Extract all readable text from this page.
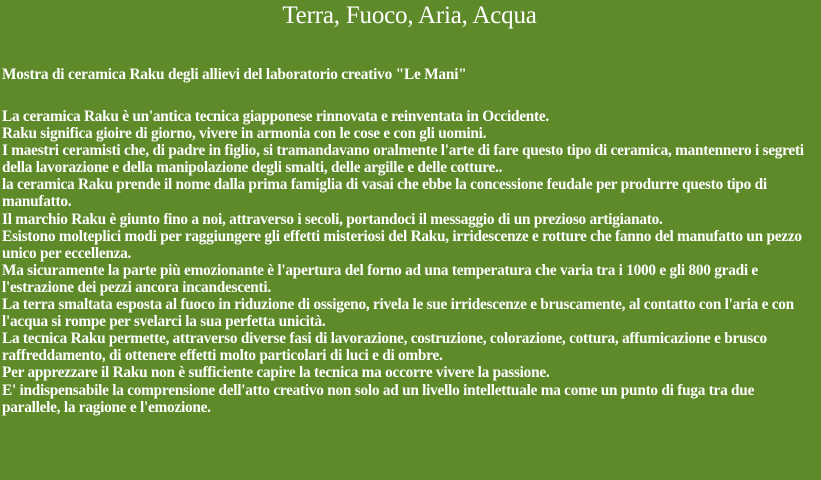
Terra, Fuoco, Aria, Acqua
Mostra di ceramica Raku degli allievi del laboratorio creativo "Le Mani"
La ceramica Raku è un'antica tecnica giapponese rinnovata e reinventata in Occidente.
Raku significa gioire di giorno, vivere in armonia con le cose e con gli uomini.
I maestri ceramisti che, di padre in figlio, si tramandavano oralmente l'arte di fare questo tipo di ceramica, mantennero i segreti della lavorazione e della manipolazione degli smalti, delle argille e delle cotture..
la ceramica Raku prende il nome dalla prima famiglia di vasai che ebbe la concessione feudale per produrre questo tipo di manufatto.
Il marchio Raku è giunto fino a noi, attraverso i secoli, portandoci il messaggio di un prezioso artigianato.
Esistono molteplici modi per raggiungere gli effetti misteriosi del Raku, irridescenze e rotture che fanno del manufatto un pezzo unico per eccellenza.
Ma sicuramente la parte più emozionante è l'apertura del forno ad una temperatura che varia tra i 1000 e gli 800 gradi e l'estrazione dei pezzi ancora incandescenti.
La terra smaltata esposta al fuoco in riduzione di ossigeno, rivela le sue irridescenze e bruscamente, al contatto con l'aria e con l'acqua si rompe per svelarci la sua perfetta unicità.
La tecnica Raku permette, attraverso diverse fasi di lavorazione, costruzione, colorazione, cottura, affumicazione e brusco raffreddamento, di ottenere effetti molto particolari di luci e di ombre.
Per apprezzare il Raku non è sufficiente capire la tecnica ma occorre vivere la passione.
E' indispensabile la comprensione dell'atto creativo non solo ad un livello intellettuale ma come un punto di fuga tra due parallele, la ragione e l'emozione.
